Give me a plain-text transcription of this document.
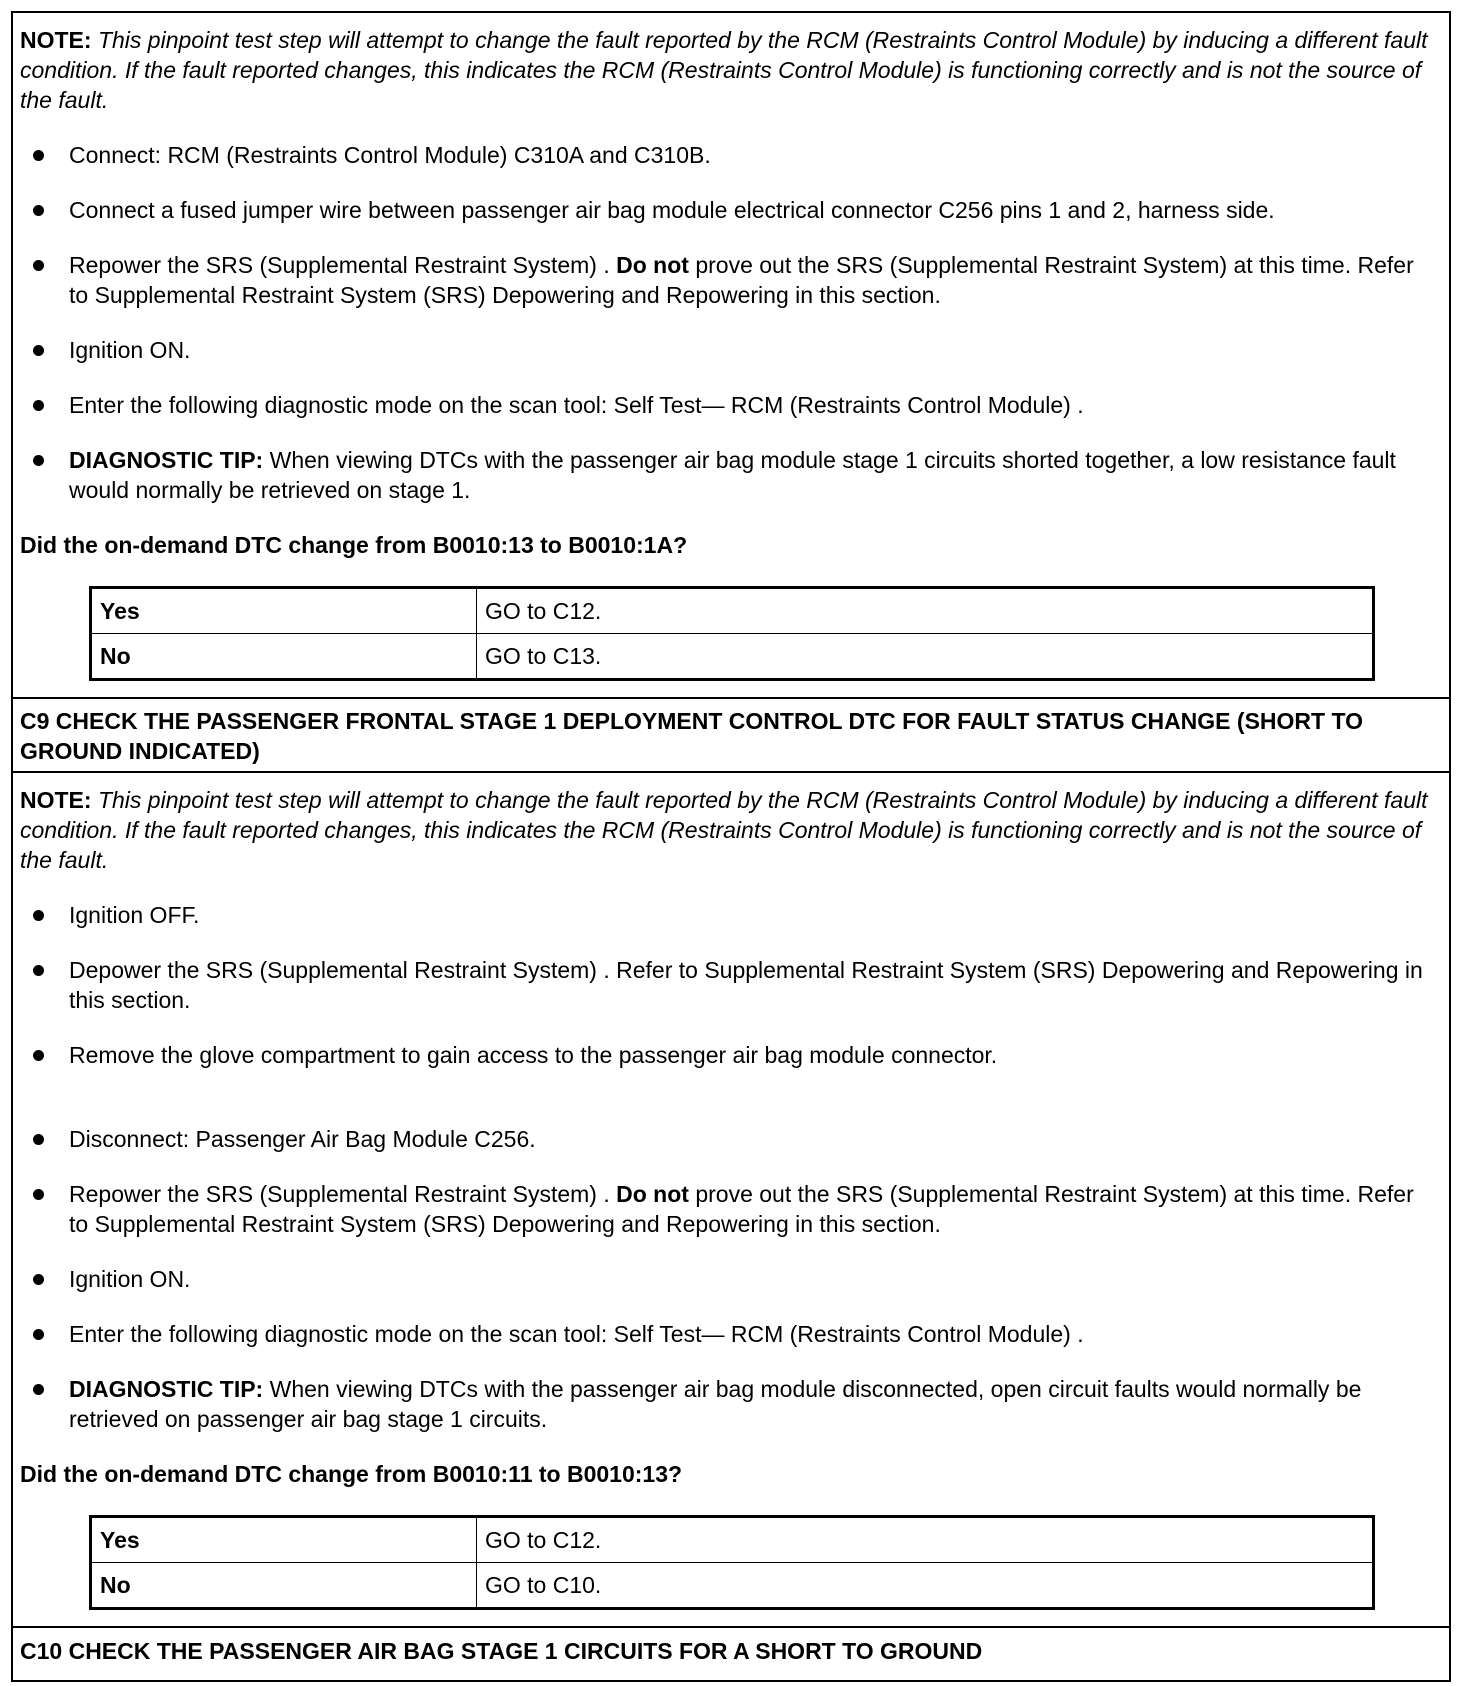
NOTE: This pinpoint test step will attempt to change the fault reported by the RCM (Restraints Control Module) by inducing a different fault condition. If the fault reported changes, this indicates the RCM (Restraints Control Module) is functioning correctly and is not the source of the fault.
Connect: RCM (Restraints Control Module) C310A and C310B.
Connect a fused jumper wire between passenger air bag module electrical connector C256 pins 1 and 2, harness side.
Repower the SRS (Supplemental Restraint System) . Do not prove out the SRS (Supplemental Restraint System) at this time. Refer to Supplemental Restraint System (SRS) Depowering and Repowering in this section.
Ignition ON.
Enter the following diagnostic mode on the scan tool: Self Test— RCM (Restraints Control Module) .
DIAGNOSTIC TIP: When viewing DTCs with the passenger air bag module stage 1 circuits shorted together, a low resistance fault would normally be retrieved on stage 1.
Did the on-demand DTC change from B0010:13 to B0010:1A?
Yes	GO to C12.
No	GO to C13.
C9 CHECK THE PASSENGER FRONTAL STAGE 1 DEPLOYMENT CONTROL DTC FOR FAULT STATUS CHANGE (SHORT TO GROUND INDICATED)
NOTE: This pinpoint test step will attempt to change the fault reported by the RCM (Restraints Control Module) by inducing a different fault condition. If the fault reported changes, this indicates the RCM (Restraints Control Module) is functioning correctly and is not the source of the fault.
Ignition OFF.
Depower the SRS (Supplemental Restraint System) . Refer to Supplemental Restraint System (SRS) Depowering and Repowering in this section.
Remove the glove compartment to gain access to the passenger air bag module connector.
Disconnect: Passenger Air Bag Module C256.
Repower the SRS (Supplemental Restraint System) . Do not prove out the SRS (Supplemental Restraint System) at this time. Refer to Supplemental Restraint System (SRS) Depowering and Repowering in this section.
Ignition ON.
Enter the following diagnostic mode on the scan tool: Self Test— RCM (Restraints Control Module) .
DIAGNOSTIC TIP: When viewing DTCs with the passenger air bag module disconnected, open circuit faults would normally be retrieved on passenger air bag stage 1 circuits.
Did the on-demand DTC change from B0010:11 to B0010:13?
Yes	GO to C12.
No	GO to C10.
C10 CHECK THE PASSENGER AIR BAG STAGE 1 CIRCUITS FOR A SHORT TO GROUND
